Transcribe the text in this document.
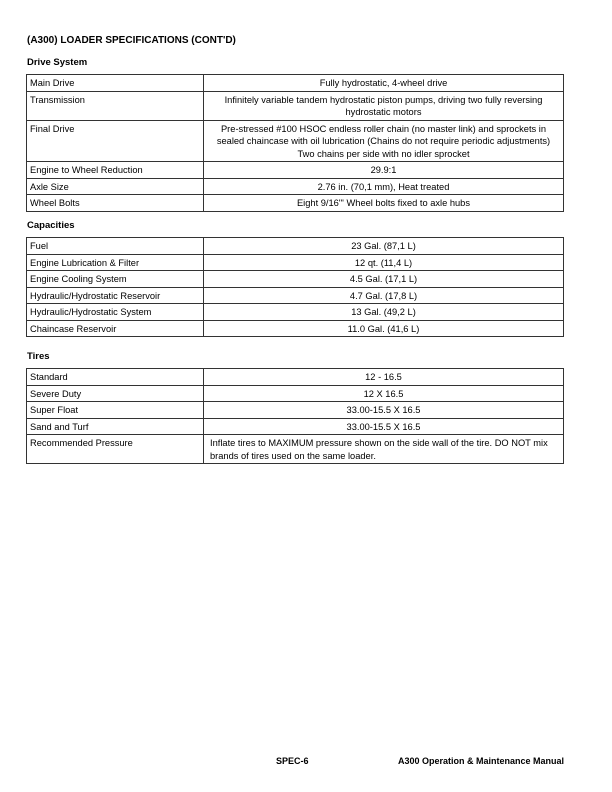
(A300) LOADER SPECIFICATIONS (CONT'D)
Drive System
Main Drive	Fully hydrostatic, 4-wheel drive
Transmission	Infinitely variable tandem hydrostatic piston pumps, driving two fully reversing hydrostatic motors
Final Drive	Pre-stressed #100 HSOC endless roller chain (no master link) and sprockets in sealed chaincase with oil lubrication (Chains do not require periodic adjustments) Two chains per side with no idler sprocket
Engine to Wheel Reduction	29.9:1
Axle Size	2.76 in. (70,1 mm), Heat treated
Wheel Bolts	Eight 9/16"' Wheel bolts fixed to axle hubs
Capacities
Fuel	23 Gal. (87,1 L)
Engine Lubrication & Filter	12 qt. (11,4 L)
Engine Cooling System	4.5 Gal. (17,1 L)
Hydraulic/Hydrostatic Reservoir	4.7 Gal. (17,8 L)
Hydraulic/Hydrostatic System	13 Gal. (49,2 L)
Chaincase Reservoir	11.0 Gal. (41,6 L)
Tires
Standard	12 - 16.5
Severe Duty	12 X 16.5
Super Float	33.00-15.5 X 16.5
Sand and Turf	33.00-15.5 X 16.5
Recommended Pressure	Inflate tires to MAXIMUM pressure shown on the side wall of the tire. DO NOT mix brands of tires used on the same loader.
SPEC-6	A300 Operation & Maintenance Manual
